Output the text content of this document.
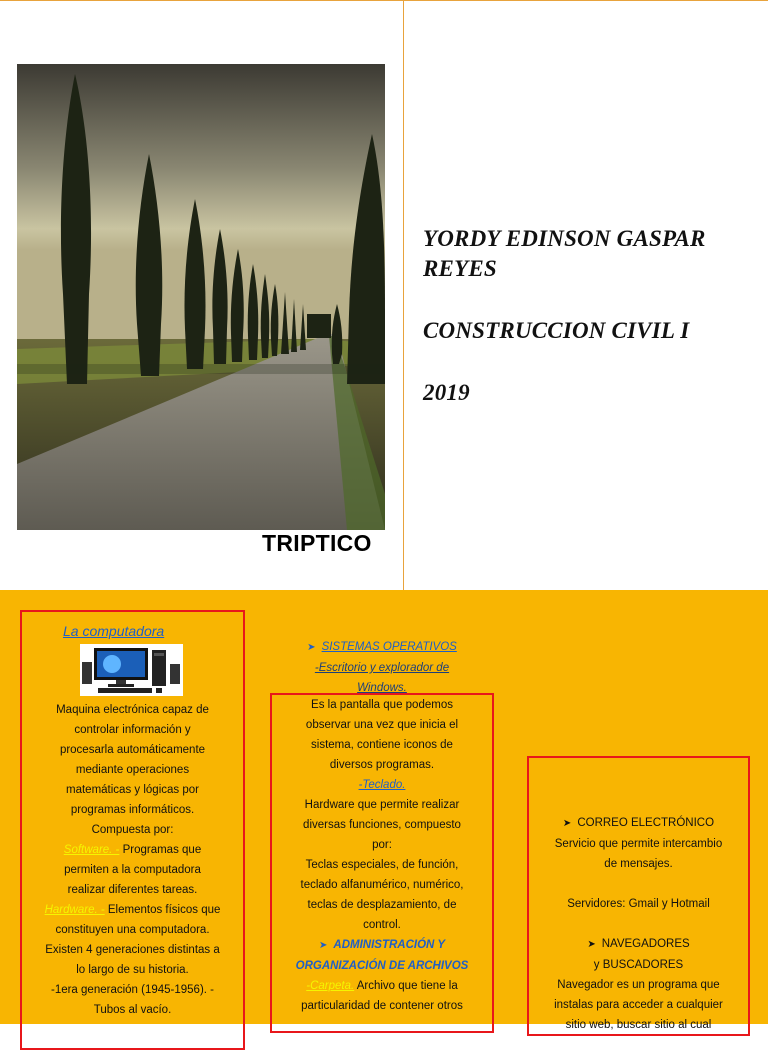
TRIPTICO
YORDY EDINSON GASPAR
REYES
CONSTRUCCION CIVIL I
2019

La computadora

Maquina electrónica capaz de

controlar información y

procesarla automáticamente

mediante operaciones

matemáticas y lógicas por

programas informáticos.

Compuesta por:

Software. - Programas que

permiten a la computadora

realizar diferentes tareas.

Hardware. - Elementos físicos que

constituyen una computadora.

Existen 4 generaciones distintas a

lo largo de su historia.

-1era generación (1945-1956). -

Tubos al vacío.

➤ SISTEMAS OPERATIVOS

-Escritorio y explorador de

Windows.

Es la pantalla que podemos

observar una vez que inicia el

sistema, contiene iconos de

diversos programas.

-Teclado.

Hardware que permite realizar

diversas funciones, compuesto

por:

Teclas especiales, de función,

teclado alfanumérico, numérico,

teclas de desplazamiento, de

control.

➤ ADMINISTRACIÓN Y

ORGANIZACIÓN DE ARCHIVOS

-Carpeta. Archivo que tiene la

particularidad de contener otros

➤ CORREO ELECTRÓNICO

Servicio que permite intercambio

de mensajes.

Servidores: Gmail y Hotmail

➤ NAVEGADORES

y BUSCADORES

Navegador es un programa que

instalas para acceder a cualquier

sitio web, buscar sitio al cual
